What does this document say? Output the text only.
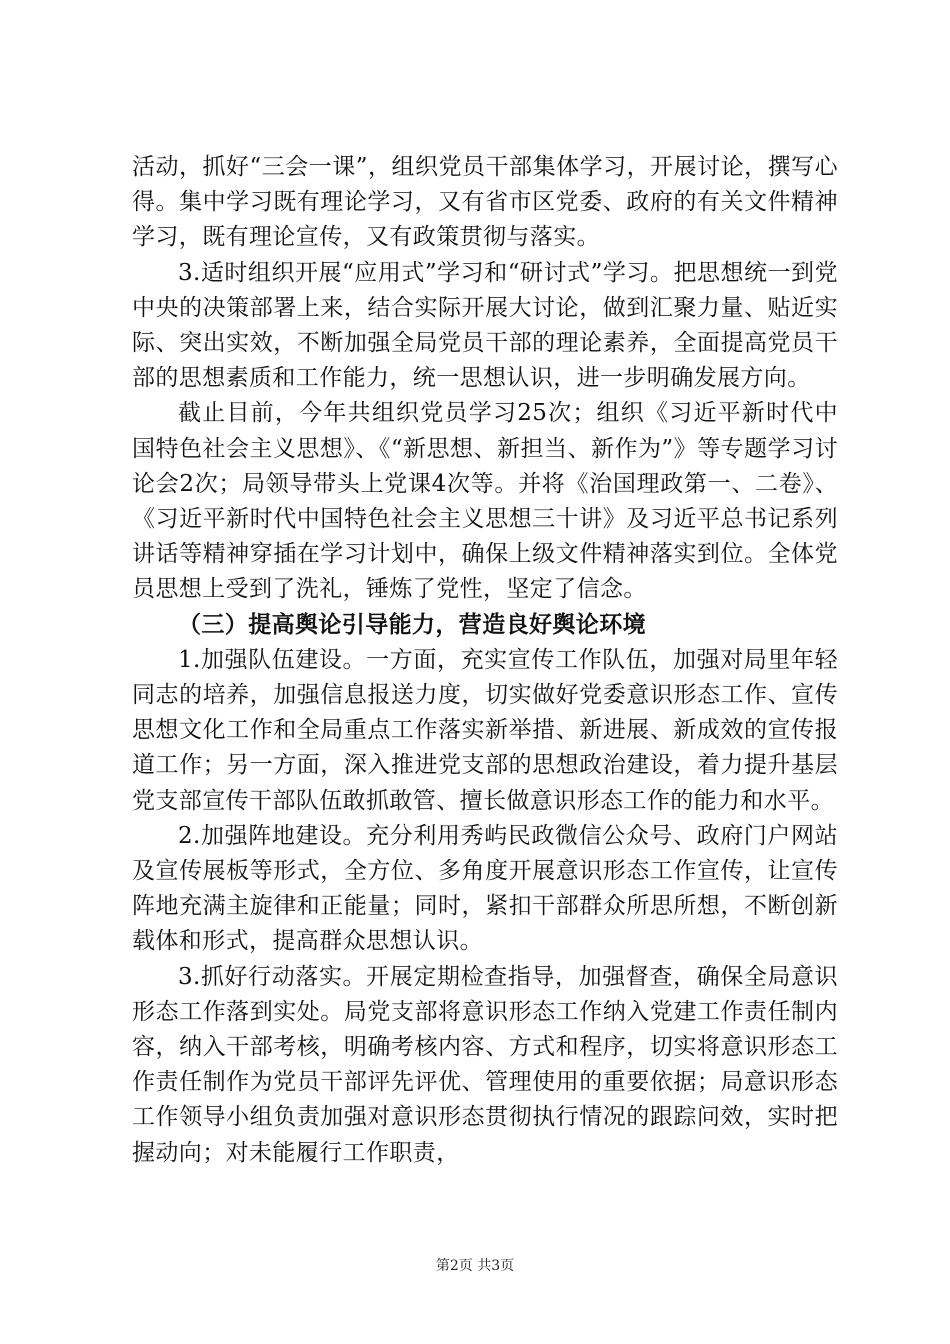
活动，抓好“三会一课”，组织党员干部集体学习，开展讨论，撰写心得。集中学习既有理论学习，又有省市区党委、政府的有关文件精神学习，既有理论宣传，又有政策贯彻与落实。

3.适时组织开展“应用式”学习和“研讨式”学习。把思想统一到党中央的决策部署上来，结合实际开展大讨论，做到汇聚力量、贴近实际、突出实效，不断加强全局党员干部的理论素养，全面提高党员干部的思想素质和工作能力，统一思想认识，进一步明确发展方向。

截止目前，今年共组织党员学习25次；组织《习近平新时代中国特色社会主义思想》、《“新思想、新担当、新作为”》等专题学习讨论会2次；局领导带头上党课4次等。并将《治国理政第一、二卷》、《习近平新时代中国特色社会主义思想三十讲》及习近平总书记系列讲话等精神穿插在学习计划中，确保上级文件精神落实到位。全体党员思想上受到了洗礼，锤炼了党性，坚定了信念。

（三）提高舆论引导能力，营造良好舆论环境

1.加强队伍建设。一方面，充实宣传工作队伍，加强对局里年轻同志的培养，加强信息报送力度，切实做好党委意识形态工作、宣传思想文化工作和全局重点工作落实新举措、新进展、新成效的宣传报道工作；另一方面，深入推进党支部的思想政治建设，着力提升基层党支部宣传干部队伍敢抓敢管、擅长做意识形态工作的能力和水平。

2.加强阵地建设。充分利用秀屿民政微信公众号、政府门户网站及宣传展板等形式，全方位、多角度开展意识形态工作宣传，让宣传阵地充满主旋律和正能量；同时，紧扣干部群众所思所想，不断创新载体和形式，提高群众思想认识。

3.抓好行动落实。开展定期检查指导，加强督查，确保全局意识形态工作落到实处。局党支部将意识形态工作纳入党建工作责任制内容，纳入干部考核，明确考核内容、方式和程序，切实将意识形态工作责任制作为党员干部评先评优、管理使用的重要依据；局意识形态工作领导小组负责加强对意识形态贯彻执行情况的跟踪问效，实时把握动向；对未能履行工作职责，

第2页 共3页
